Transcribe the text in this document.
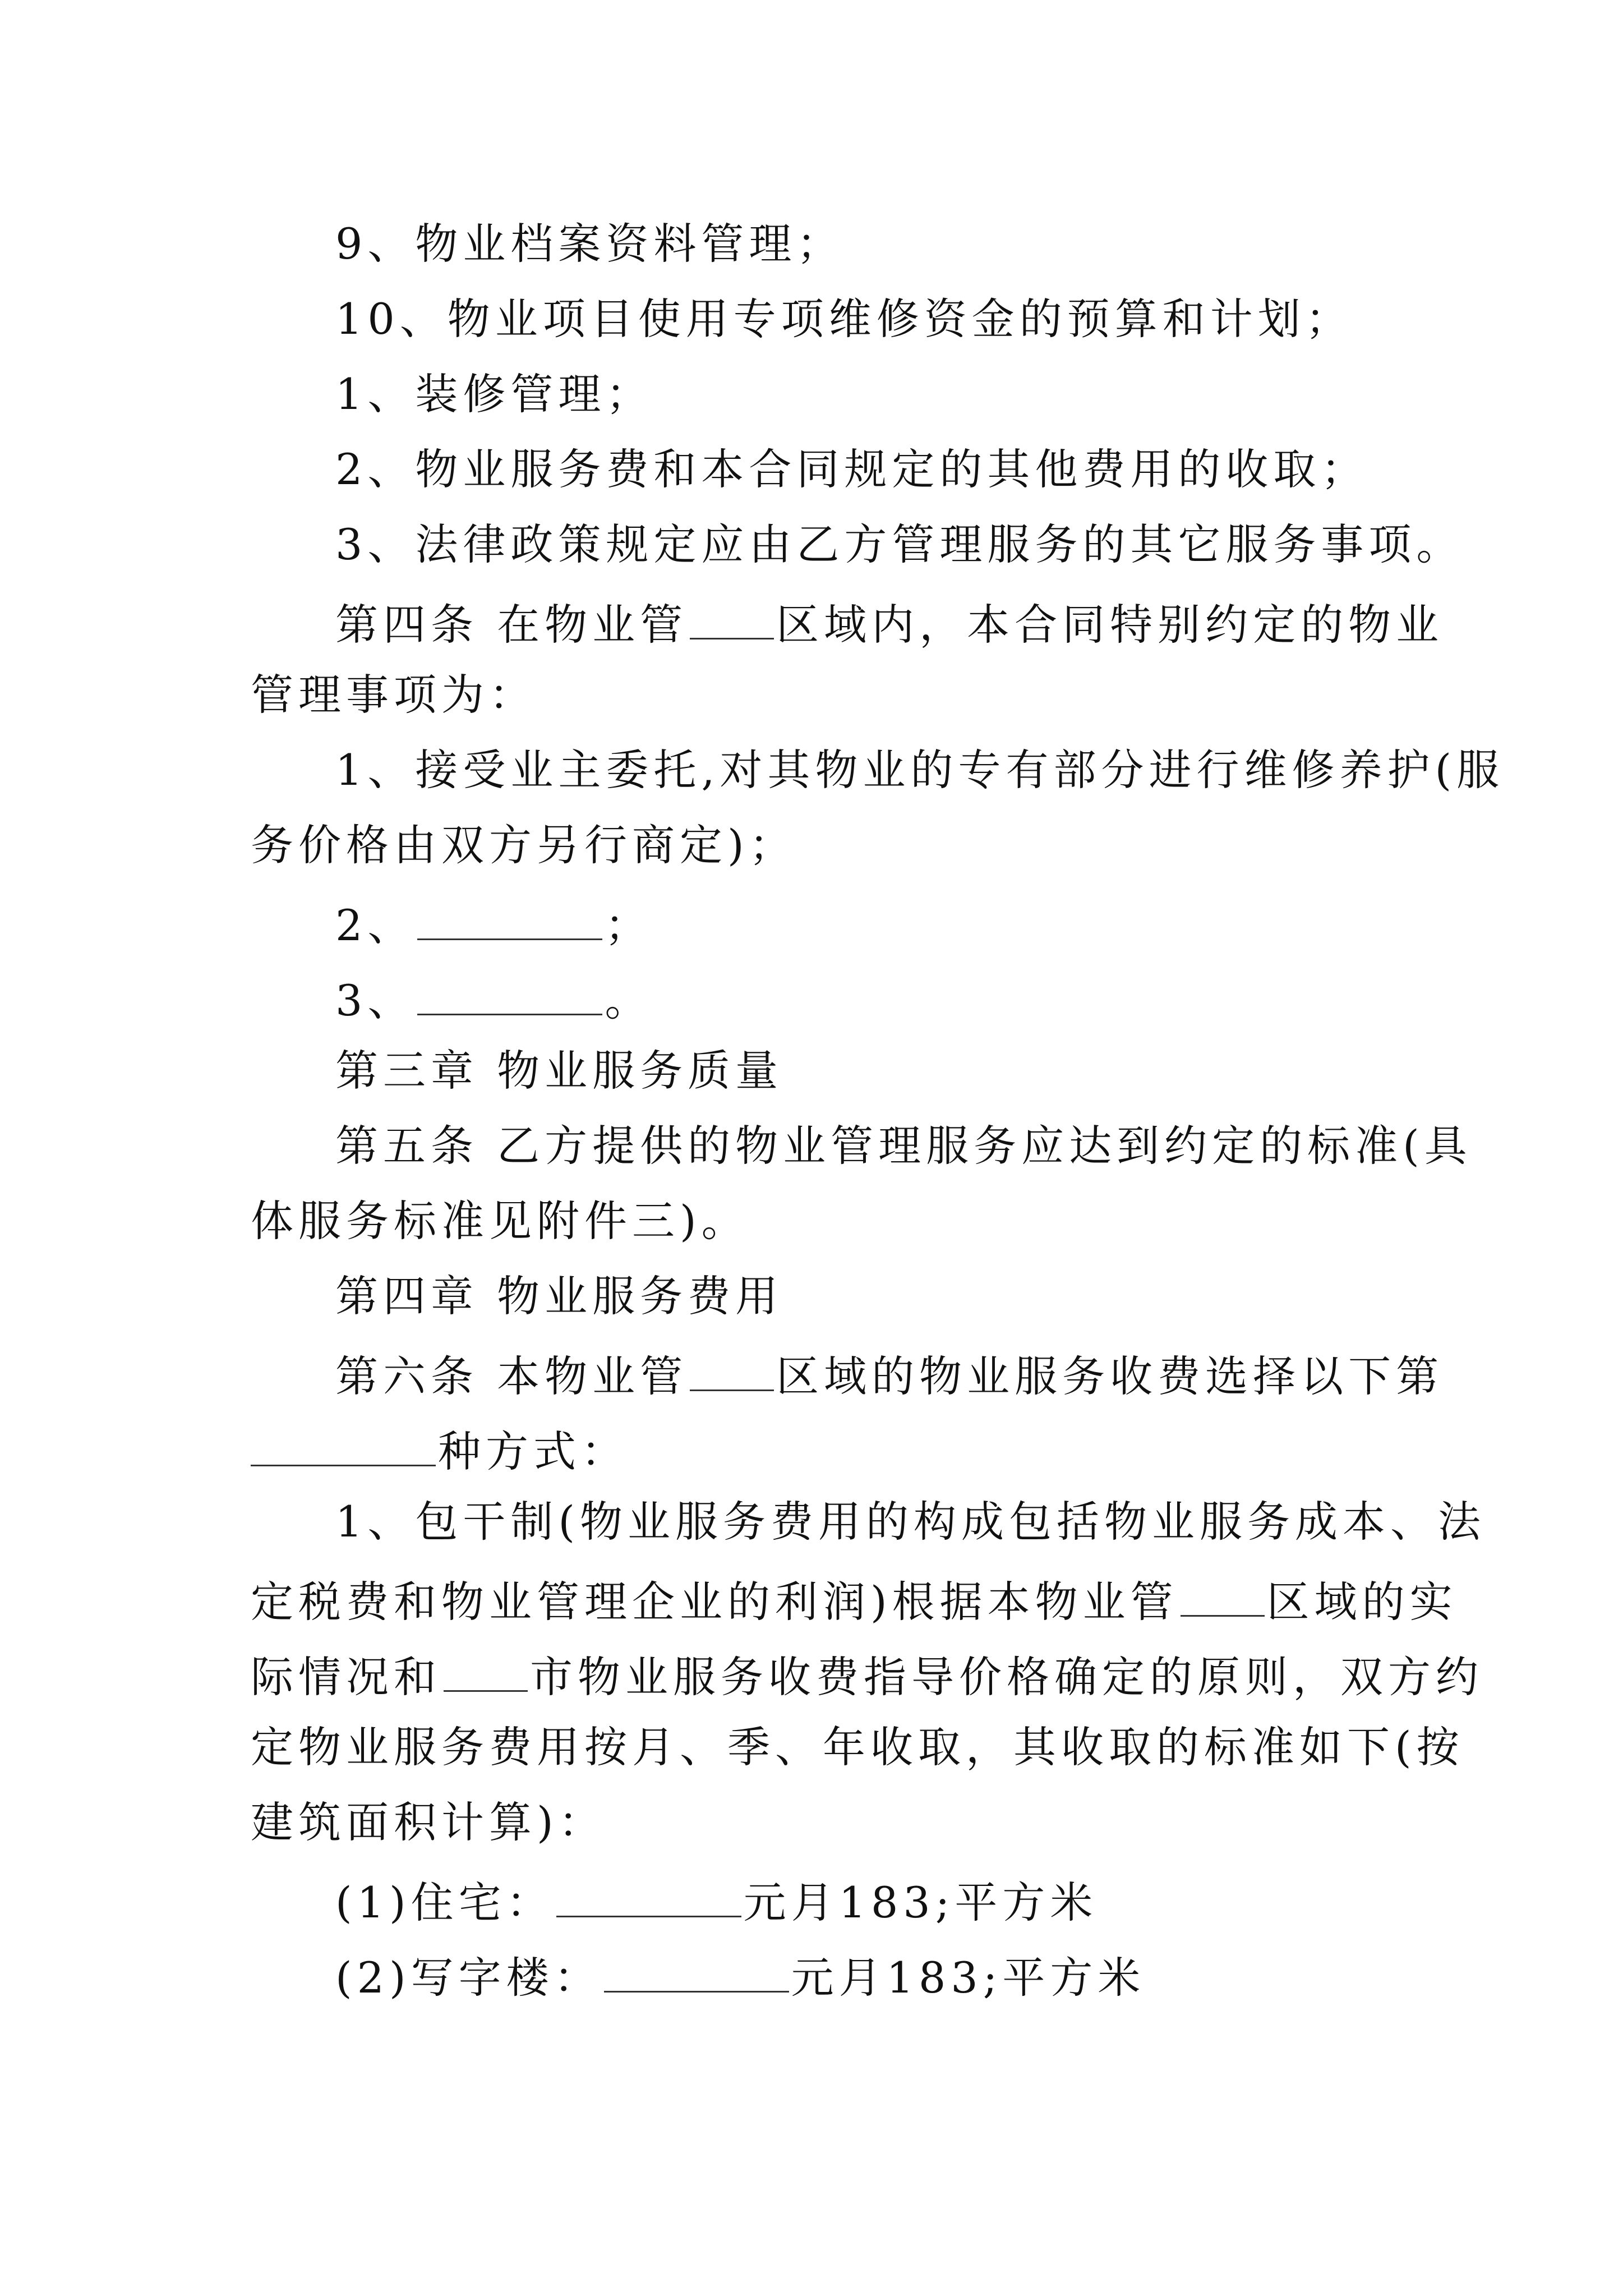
9、物业档案资料管理；
10、物业项目使用专项维修资金的预算和计划；
1、装修管理；
2、物业服务费和本合同规定的其他费用的收取；
3、法律政策规定应由乙方管理服务的其它服务事项。
第四条 在物业管 区域内，本合同特别约定的物业
管理事项为：
1、接受业主委托,对其物业的专有部分进行维修养护(服
务价格由双方另行商定)；
2、	；
3、	。
第三章 物业服务质量
第五条 乙方提供的物业管理服务应达到约定的标准(具
体服务标准见附件三)。
第四章 物业服务费用
第六条 本物业管 区域的物业服务收费选择以下第
种方式：
1、包干制(物业服务费用的构成包括物业服务成本、法
定税费和物业管理企业的利润)根据本物业管 区域的实
际情况和 市物业服务收费指导价格确定的原则，双方约
定物业服务费用按月、季、年收取，其收取的标准如下(按
建筑面积计算)：
(1)住宅：	元月183;平方米
(2)写字楼：	元月183;平方米
